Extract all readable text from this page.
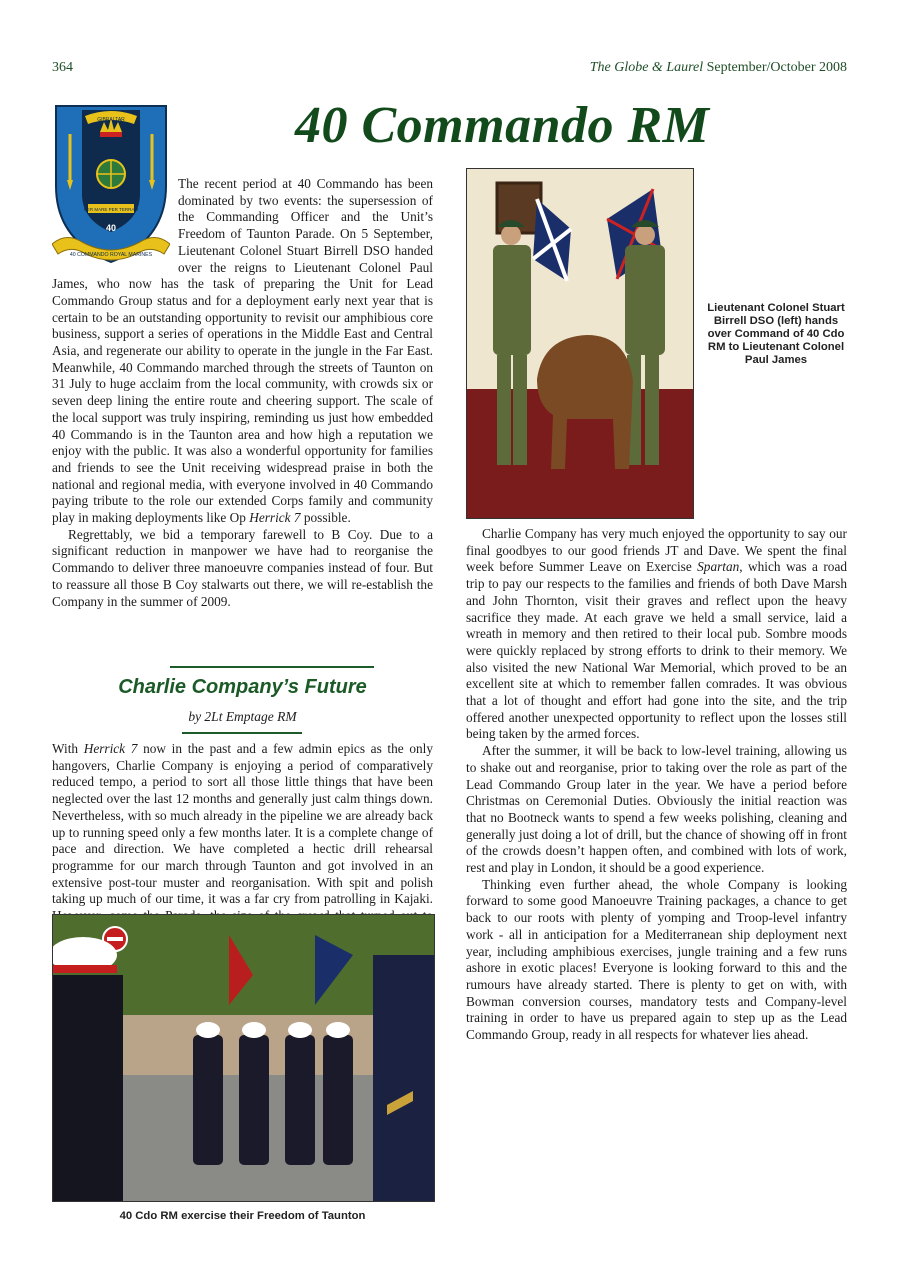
364	The Globe & Laurel September/October 2008
GIBRALTAR
PER MARE PER TERRAM
40
40 COMMANDO ROYAL MARINES
40 Commando RM

The recent period at 40 Commando has been dominated by two events: the supersession of the Commanding Officer and the Unit’s Freedom of Taunton Parade. On 5 September, Lieutenant Colonel Stuart Birrell DSO handed over the reigns to Lieutenant Colonel Paul James, who now has the task of preparing the Unit for Lead Commando Group status and for a deployment early next year that is certain to be an outstanding opportunity to revisit our amphibious core business, support a series of operations in the Middle East and Central Asia, and regenerate our ability to operate in the jungle in the Far East. Meanwhile, 40 Commando marched through the streets of Taunton on 31 July to huge acclaim from the local community, with crowds six or seven deep lining the entire route and cheering support. The scale of the local support was truly inspiring, reminding us just how embedded 40 Commando is in the Taunton area and how high a reputation we enjoy with the public. It was also a wonderful opportunity for families and friends to see the Unit receiving widespread praise in both the national and regional media, with everyone involved in 40 Commando paying tribute to the role our extended Corps family and community play in making deployments like Op Herrick 7 possible.

Regrettably, we bid a temporary farewell to B Coy. Due to a significant reduction in manpower we have had to reorganise the Commando to deliver three manoeuvre companies instead of four. But to reassure all those B Coy stalwarts out there, we will re-establish the Company in the summer of 2009.

Lieutenant Colonel Stuart Birrell DSO (left) hands over Command of 40 Cdo RM to Lieutenant Colonel Paul James
Charlie Company’s Future
by 2Lt Emptage RM

With Herrick 7 now in the past and a few admin epics as the only hangovers, Charlie Company is enjoying a period of comparatively reduced tempo, a period to sort all those little things that have been neglected over the last 12 months and generally just calm things down. Nevertheless, with so much already in the pipeline we are already back up to running speed only a few months later. It is a complete change of pace and direction. We have completed a hectic drill rehearsal programme for our march through Taunton and got involved in an extensive post-tour muster and reorganisation. With spit and polish taking up much of our time, it was a far cry from patrolling in Kajaki.

40 Cdo RM exercise their Freedom of Taunton

Charlie Company has very much enjoyed the opportunity to say our final goodbyes to our good friends JT and Dave. We spent the final week before Summer Leave on Exercise Spartan, which was a road trip to pay our respects to the families and friends of both Dave Marsh and John Thornton, visit their graves and reflect upon the heavy sacrifice they made. At each grave we held a small service, laid a wreath in memory and then retired to their local pub. Sombre moods were quickly replaced by strong efforts to drink to their memory. We also visited the new National War Memorial, which proved to be an excellent site at which to remember fallen comrades. It was obvious that a lot of thought and effort had gone into the site, and the trip offered another unexpected opportunity to reflect upon the losses still being taken by the armed forces.

After the summer, it will be back to low-level training, allowing us to shake out and reorganise, prior to taking over the role as part of the Lead Commando Group later in the year. We have a period before Christmas on Ceremonial Duties. Obviously the initial reaction was that no Bootneck wants to spend a few weeks polishing, cleaning and generally just doing a lot of drill, but the chance of showing off in front of the crowds doesn’t happen often, and combined with lots of work, rest and play in London, it should be a good experience.

Thinking even further ahead, the whole Company is looking forward to some good Manoeuvre Training packages, a chance to get back to our roots with plenty of yomping and Troop-level infantry work - all in anticipation for a Mediterranean ship deployment next year, including amphibious exercises, jungle training and a few runs ashore in exotic places! Everyone is looking forward to this and the rumours have already started. There is plenty to get on with, with Bowman conversion courses, mandatory tests and Company-level training in order to have us prepared again to step up as the Lead Commando Group, ready in all respects for whatever lies ahead.
